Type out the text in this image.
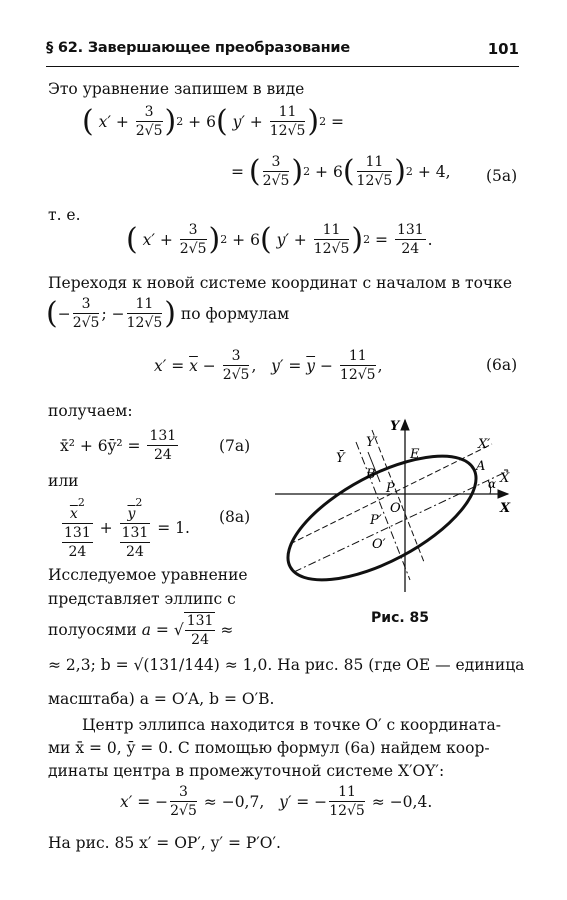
§ 62. Завершающее преобразование	101
Это уравнение запишем в виде
(
$x' + \frac{3}{2√5}$ ) 2 + 6 (
$y' + \frac{11}{12√5}$ ) 2 =
= ( $\frac{3}{2√5}$ ) 2 + 6 ( $\frac{11}{12√5}$ ) 2
+ 4, (5a)
т. е.
(
$x' + \frac{3}{2√5}$ ) 2 + 6 (
$y' + \frac{11}{12√5}$ ) $2 = \frac{131}{24}$ .
Переходя к новой системе координат с началом в точке
( − $\frac{3}{2√5}$ ; − $\frac{11}{12√5}$ )
по формулам
$x' = \overline{x} - \frac{3}{2√5}$ , $y' = \overline{y} - \frac{11}{12√5}$ ,	(6a)
получаем:
x̄² + 6ȳ² =
$\frac{131}{24}$	(7a)
или
$\frac{\overline{x}^2}{\frac{131}{24}} + \frac{\overline{y}^2}{\frac{131}{24}}$
= 1.
(8a)
Исследуемое уравнение
представляет эллипс с
полуосями
a = √ $\frac{131}{24}$ ≈
Y
Y′
Ȳ
X′
X̄
X
E
A
B
P
P′
O
O′
α
Рис. 85
≈ 2,3; b = √(131/144) ≈ 1,0. На рис. 85 (где OE — единица
масштаба) a = O′A, b = O′B.
Центр эллипса находится в точке O′ с координата-
ми x̄ = 0, ȳ = 0. С помощью формул (6a) найдем коор-
динаты центра в промежуточной системе X′OY′:
x′ = − $\frac{3}{2√5}$
≈ −0,7,
y′ = − $\frac{11}{12√5}$
≈ −0,4.
На рис. 85 x′ = OP′, y′ = P′O′.
